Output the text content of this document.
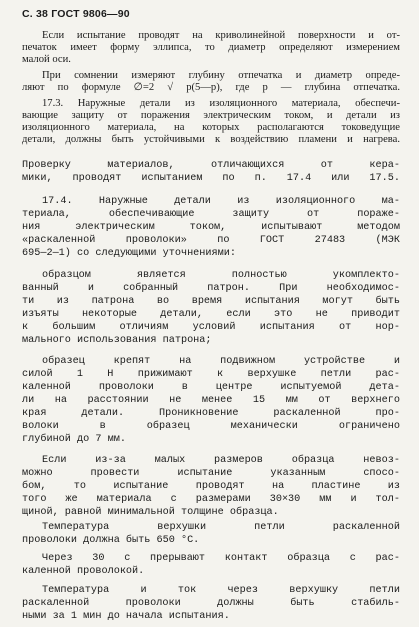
С. 38 ГОСТ 9806—90
Если испытание проводят на криволинейной поверхности и от-
печаток имеет форму эллипса, то диаметр определяют измерением
малой оси.
При сомнении измеряют глубину отпечатка и диаметр опреде-
ляют по формуле ∅=2 √ p(5—p), где p — глубина отпечатка.
17.3. Наружные детали из изоляционного материала, обеспечи-
вающие защиту от поражения электрическим током, и детали из
изоляционного материала, на которых располагаются токоведущие
детали, должны быть устойчивыми к воздействию пламени и нагрева.
Проверку материалов, отличающихся от кера-
мики, проводят испытанием по п. 17.4 или 17.5.
17.4. Наружные детали из изоляционного ма-
териала, обеспечивающие защиту от пораже-
ния электрическим током, испытывают методом
«раскаленной проволоки» по ГОСТ 27483 (МЭК
695—2—1) со следующими уточнениями:
образцом является полностью укомплекто-
ванный и собранный патрон. При необходимос-
ти из патрона во время испытания могут быть
изъяты некоторые детали, если это не приводит
к большим отличиям условий испытания от нор-
мального использования патрона;
образец крепят на подвижном устройстве и
силой 1 Н прижимают к верхушке петли рас-
каленной проволоки в центре испытуемой дета-
ли на расстоянии не менее 15 мм от верхнего
края детали. Проникновение раскаленной про-
волоки в образец механически ограничено
глубиной до 7 мм.
Если из-за малых размеров образца невоз-
можно провести испытание указанным спосо-
бом, то испытание проводят на пластине из
того же материала с размерами 30×30 мм и тол-
щиной, равной минимальной толщине образца.
Температура верхушки петли раскаленной
проволоки должна быть 650 °С.
Через 30 с прерывают контакт образца с рас-
каленной проволокой.
Температура и ток через верхушку петли
раскаленной проволоки должны быть стабиль-
ными за 1 мин до начала испытания.
